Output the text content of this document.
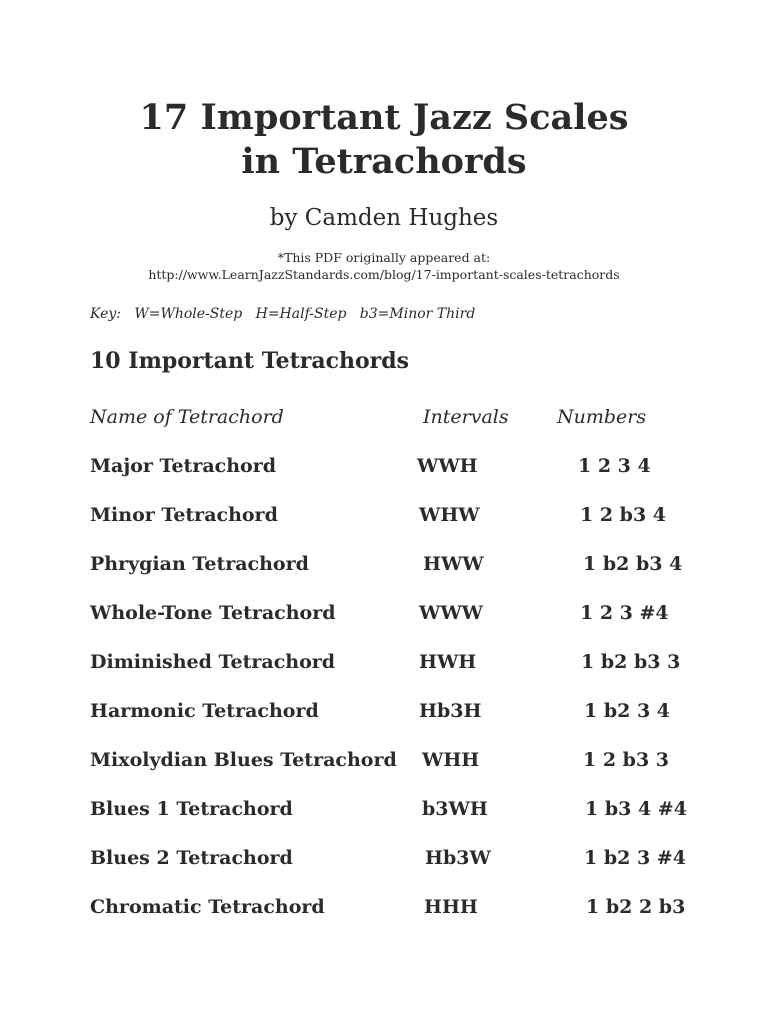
17 Important Jazz Scales
in Tetrachords
by Camden Hughes
*This PDF originally appeared at:
http://www.LearnJazzStandards.com/blog/17-important-scales-tetrachords
Key:   W=Whole-Step   H=Half-Step   b3=Minor Third
10 Important Tetrachords
Name of Tetrachord	Intervals	Numbers
Major Tetrachord	WWH	1 2 3 4
Minor Tetrachord	WHW	1 2 b3 4
Phrygian Tetrachord	HWW	1 b2 b3 4
Whole-Tone Tetrachord	WWW	1 2 3 #4
Diminished Tetrachord	HWH	1 b2 b3 3
Harmonic Tetrachord	Hb3H	1 b2 3 4
Mixolydian Blues Tetrachord WHH	1 2 b3 3
Blues 1 Tetrachord	b3WH	1 b3 4 #4
Blues 2 Tetrachord	Hb3W	1 b2 3 #4
Chromatic Tetrachord	HHH	1 b2 2 b3
